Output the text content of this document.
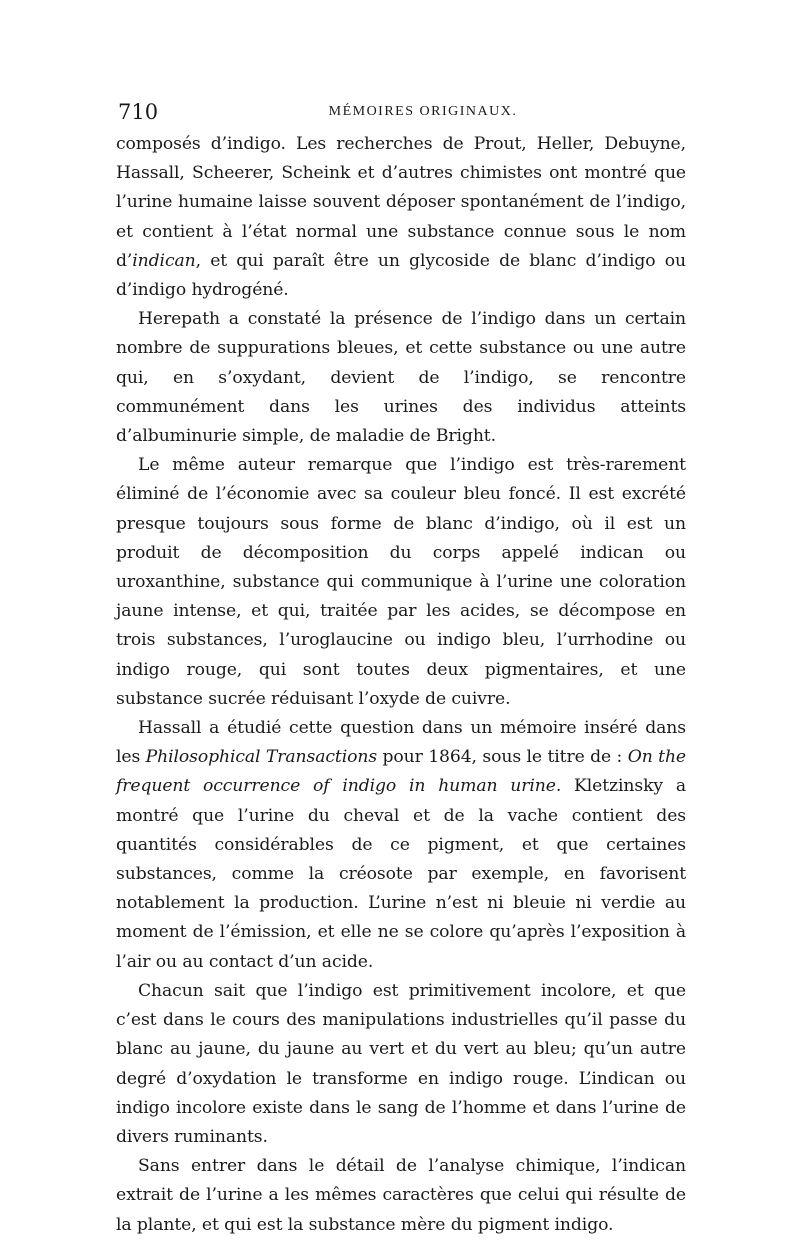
710	MÉMOIRES ORIGINAUX.

composés d’indigo. Les recherches de Prout, Heller, Debuyne, Hassall, Scheerer, Scheink et d’autres chimistes ont montré que l’urine humaine laisse souvent déposer spontanément de l’indigo, et contient à l’état normal une substance connue sous le nom d’indican, et qui paraît être un glycoside de blanc d’indigo ou d’indigo hydrogéné.

Herepath a constaté la présence de l’indigo dans un certain nombre de suppurations bleues, et cette substance ou une autre qui, en s’oxydant, devient de l’indigo, se rencontre communément dans les urines des individus atteints d’albuminurie simple, de maladie de Bright.

Le même auteur remarque que l’indigo est très-rarement éliminé de l’économie avec sa couleur bleu foncé. Il est excrété presque toujours sous forme de blanc d’indigo, où il est un produit de décomposition du corps appelé indican ou uroxanthine, substance qui communique à l’urine une coloration jaune intense, et qui, traitée par les acides, se décompose en trois substances, l’uroglaucine ou indigo bleu, l’urrhodine ou indigo rouge, qui sont toutes deux pigmentaires, et une substance sucrée réduisant l’oxyde de cuivre.

Hassall a étudié cette question dans un mémoire inséré dans les Philosophical Transactions pour 1864, sous le titre de : On the frequent occurrence of indigo in human urine. Kletzinsky a montré que l’urine du cheval et de la vache contient des quantités considérables de ce pigment, et que certaines substances, comme la créosote par exemple, en favorisent notablement la production. L’urine n’est ni bleuie ni verdie au moment de l’émission, et elle ne se colore qu’après l’exposition à l’air ou au contact d’un acide.

Chacun sait que l’indigo est primitivement incolore, et que c’est dans le cours des manipulations industrielles qu’il passe du blanc au jaune, du jaune au vert et du vert au bleu; qu’un autre degré d’oxydation le transforme en indigo rouge. L’indican ou indigo incolore existe dans le sang de l’homme et dans l’urine de divers ruminants.

Sans entrer dans le détail de l’analyse chimique, l’indican extrait de l’urine a les mêmes caractères que celui qui résulte de la plante, et qui est la substance mère du pigment indigo.
